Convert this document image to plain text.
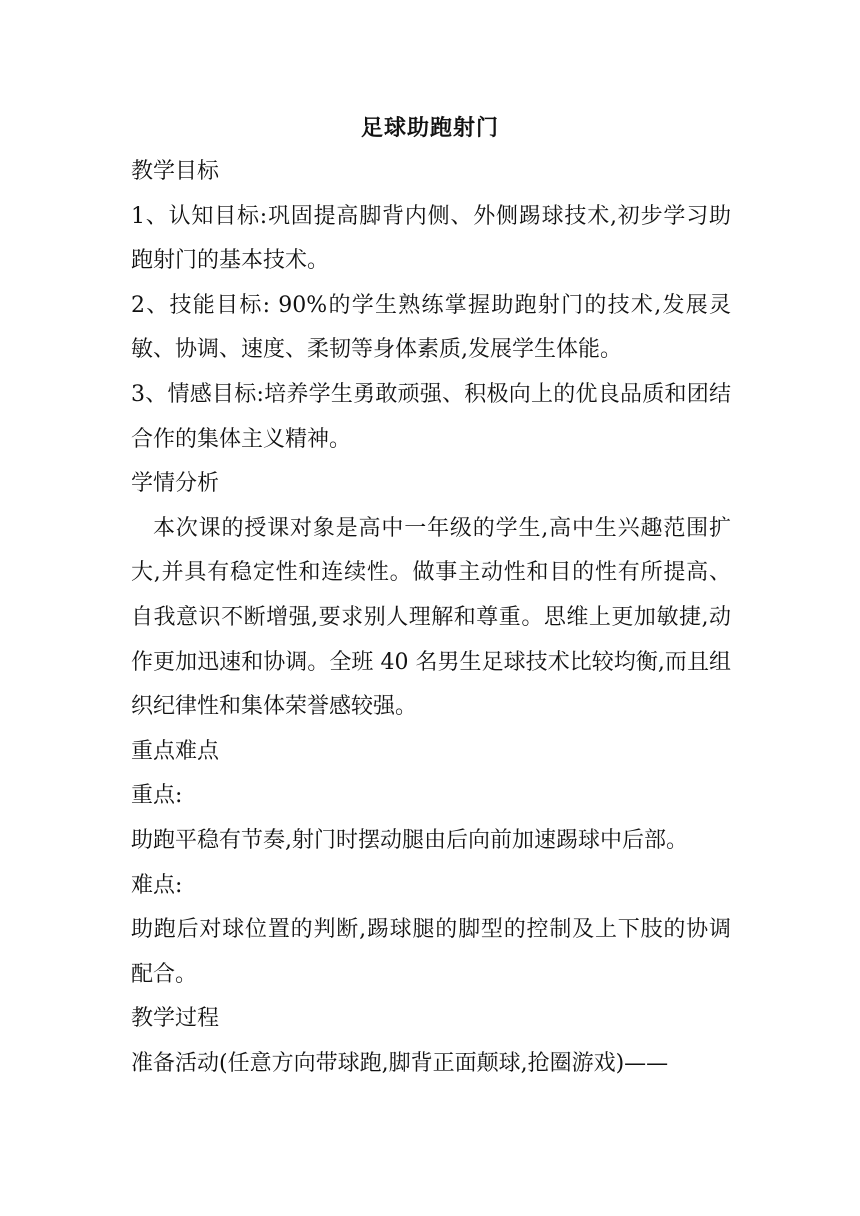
足球助跑射门

教学目标

1、认知目标:巩固提高脚背内侧、外侧踢球技术,初步学习助跑射门的基本技术。

2、技能目标: 90%的学生熟练掌握助跑射门的技术,发展灵敏、协调、速度、柔韧等身体素质,发展学生体能。

3、情感目标:培养学生勇敢顽强、积极向上的优良品质和团结合作的集体主义精神。

学情分析

本次课的授课对象是高中一年级的学生,高中生兴趣范围扩大,并具有稳定性和连续性。做事主动性和目的性有所提高、自我意识不断增强,要求别人理解和尊重。思维上更加敏捷,动作更加迅速和协调。全班 40 名男生足球技术比较均衡,而且组织纪律性和集体荣誉感较强。

重点难点

重点:

助跑平稳有节奏,射门时摆动腿由后向前加速踢球中后部。

难点:

助跑后对球位置的判断,踢球腿的脚型的控制及上下肢的协调配合。

教学过程

准备活动(任意方向带球跑,脚背正面颠球,抢圈游戏)——
